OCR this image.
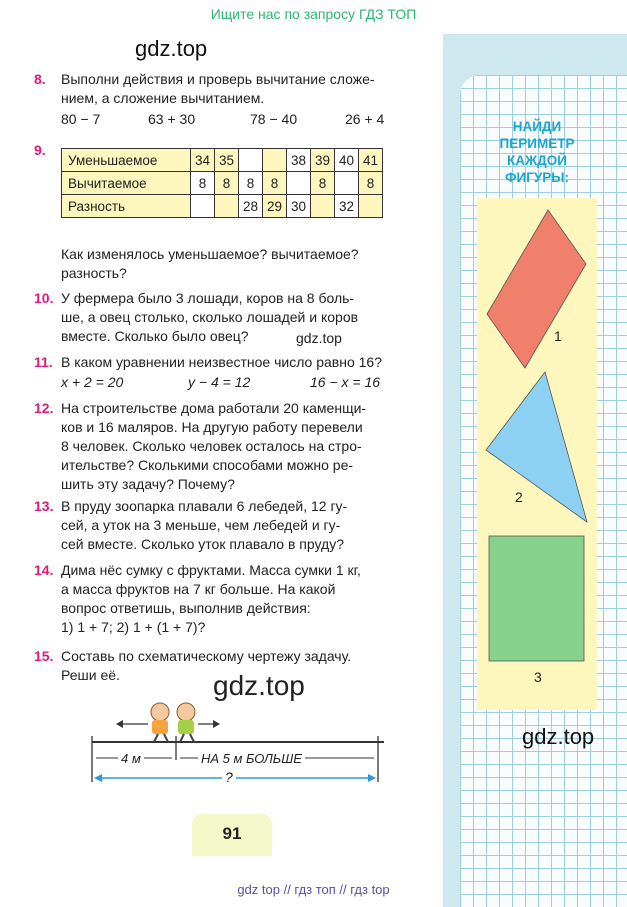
Ищите нас по запросу ГДЗ ТОП
НАЙДИ
ПЕРИМЕТР
КАЖДОЙ
ФИГУРЫ:
1
2
3
gdz.top
gdz.top
gdz.top
gdz.top
8. Выполни действия и проверь вычитание сложе-
нием, а сложение вычитанием.
80 − 7	63 + 30	78 − 40	26 + 4
9.
Уменьшаемое	34	35			38	39	40	41
Вычитаемое	8	8	8	8		8		8
Разность			28	29	30		32	
Как изменялось уменьшаемое? вычитаемое?
разность?
10. У фермера было 3 лошади, коров на 8 боль-
ше, а овец столько, сколько лошадей и коров
вместе. Сколько было овец?
11. В каком уравнении неизвестное число равно 16?
x + 2 = 20	y − 4 = 12	16 − x = 16
12. На строительстве дома работали 20 каменщи-
ков и 16 маляров. На другую работу перевели
8 человек. Сколько человек осталось на стро-
ительстве? Сколькими способами можно ре-
шить эту задачу? Почему?
13. В пруду зоопарка плавали 6 лебедей, 12 гу-
сей, а уток на 3 меньше, чем лебедей и гу-
сей вместе. Сколько уток плавало в пруду?
14. Дима нёс сумку с фруктами. Масса сумки 1 кг,
а масса фруктов на 7 кг больше. На какой
вопрос ответишь, выполнив действия:
1) 1 + 7; 2) 1 + (1 + 7)?
15. Составь по схематическому чертежу задачу.
Реши её.
4 м	НА 5 м БОЛЬШЕ
?
91
gdz top // гдз топ // гдз top
